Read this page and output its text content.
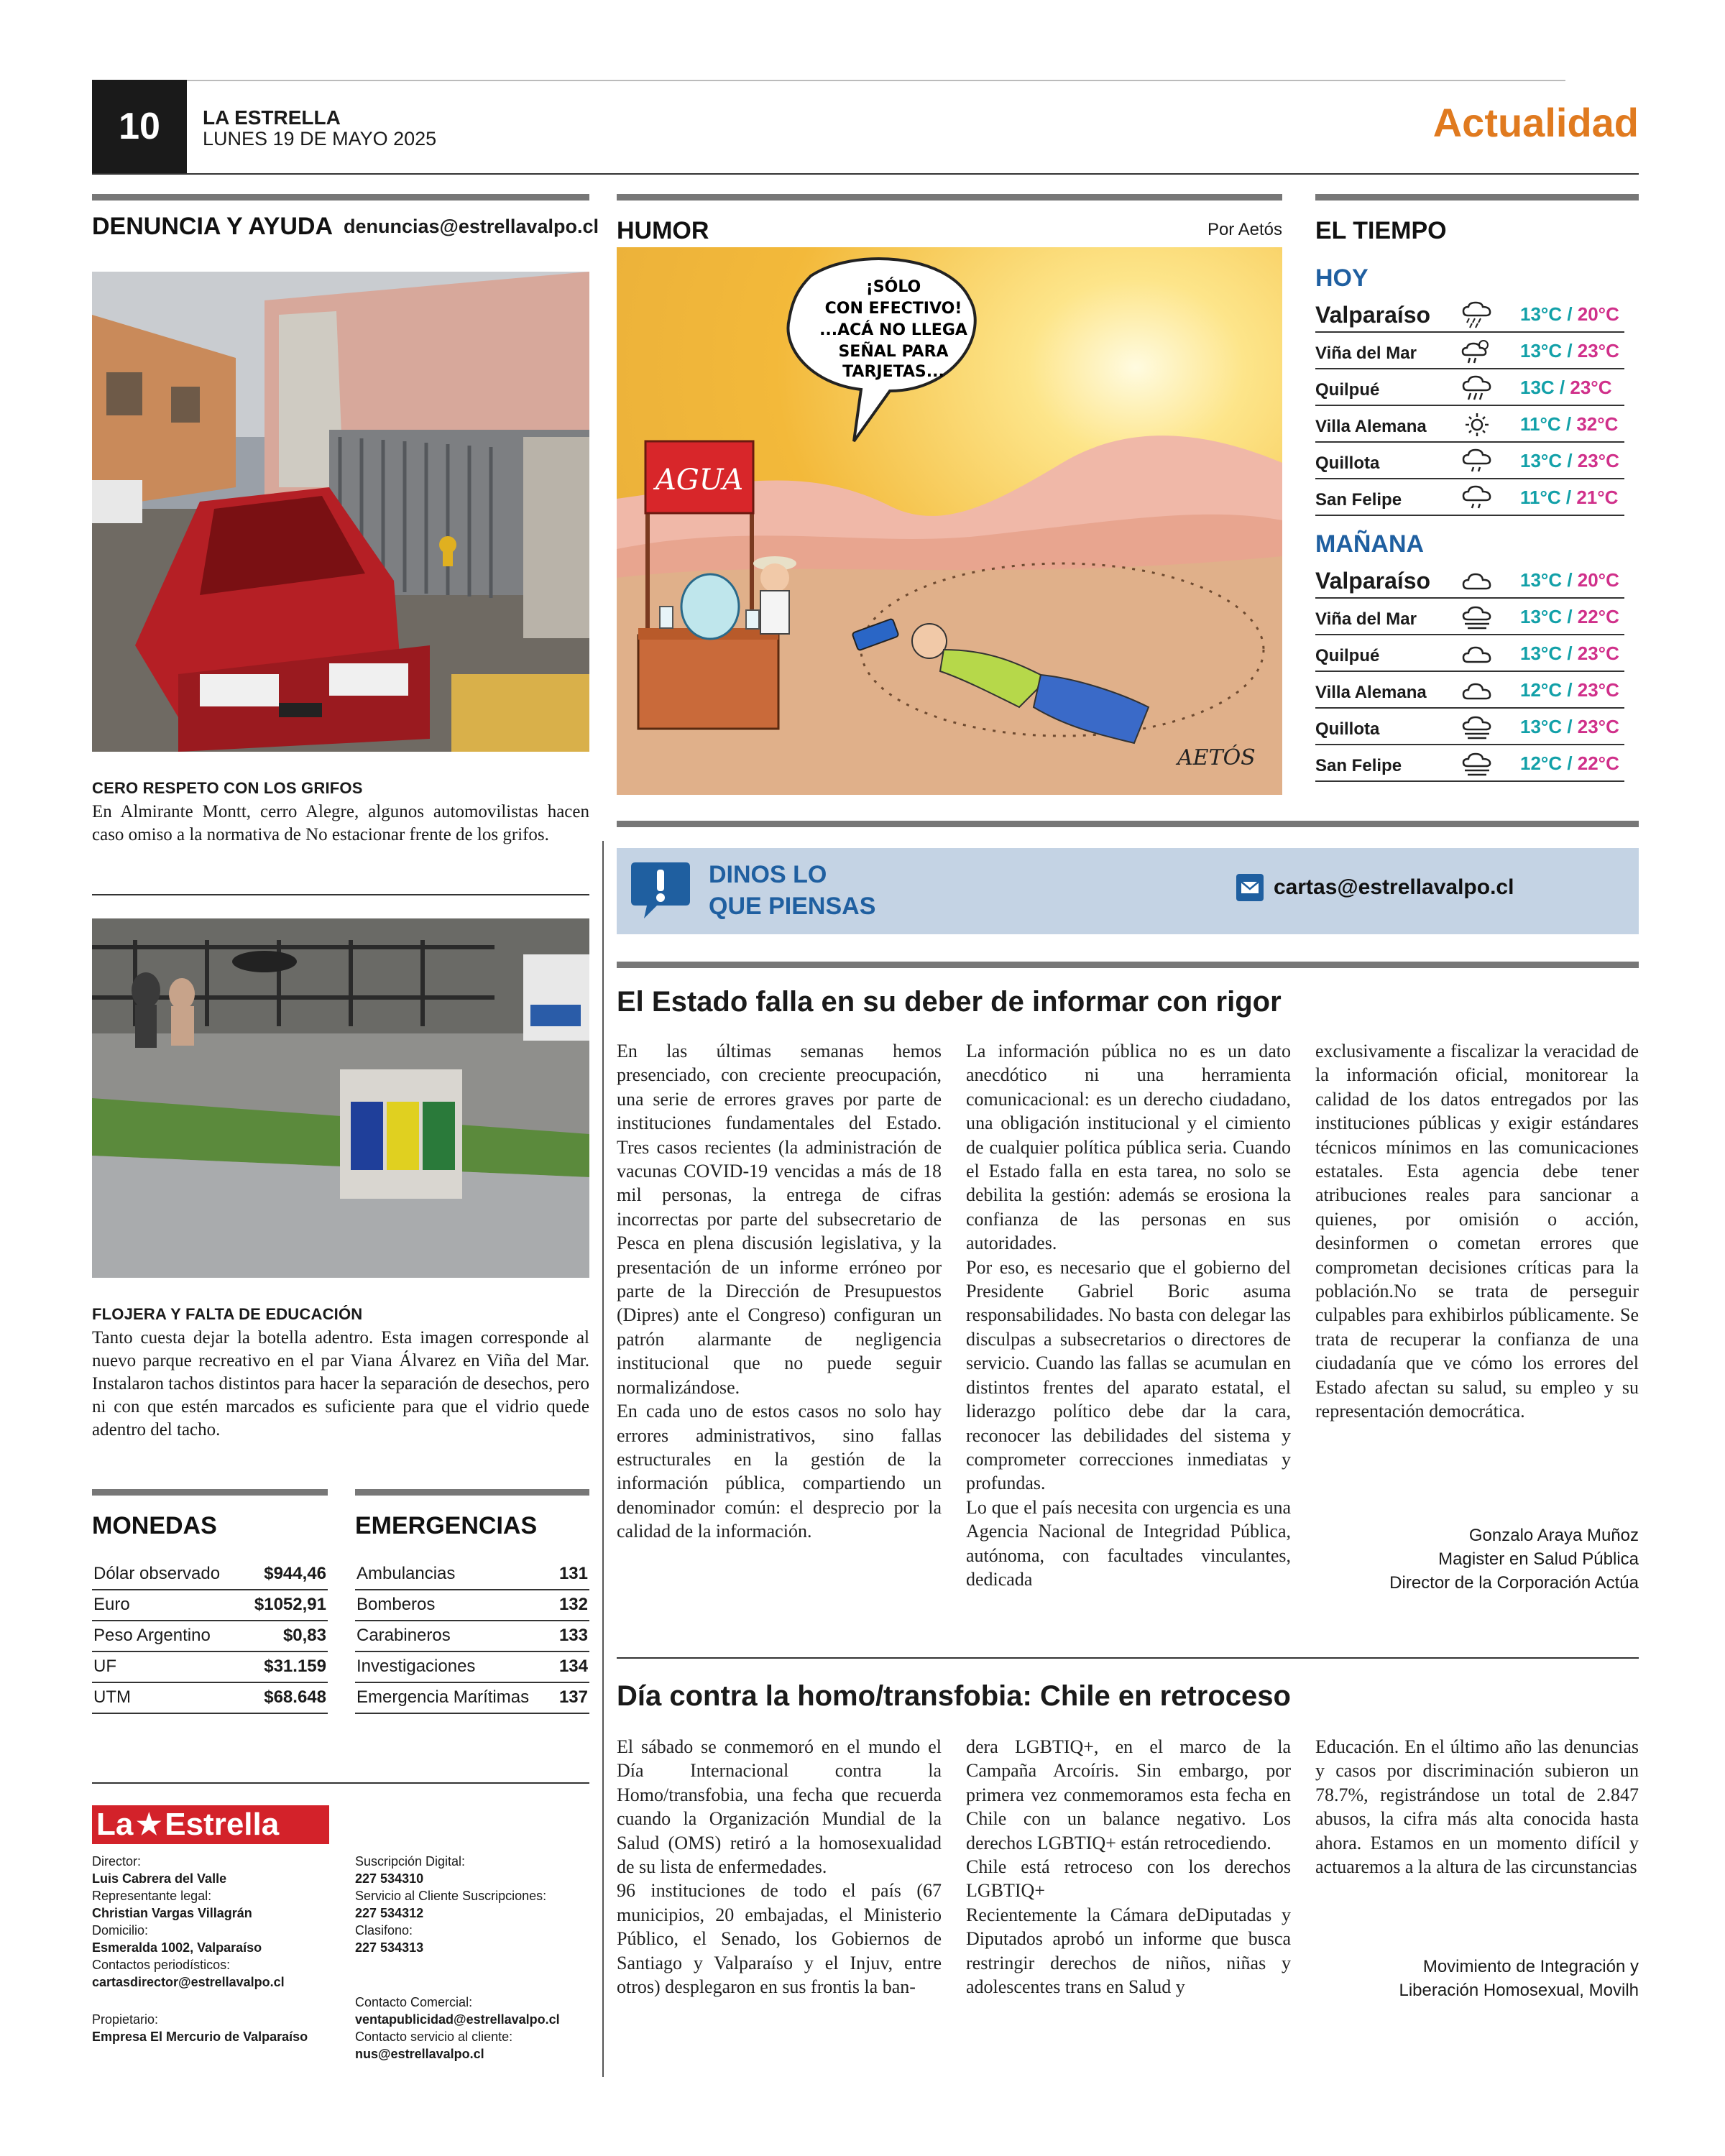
10 LA ESTRELLA
LUNES 19 DE MAYO 2025	Actualidad
DENUNCIA Y AYUDA denuncias@estrellavalpo.cl
CERO RESPETO CON LOS GRIFOS
En Almirante Montt, cerro Alegre, algunos automovilistas hacen caso omiso a la normativa de No estacionar frente de los grifos.
FLOJERA Y FALTA DE EDUCACIÓN
Tanto cuesta dejar la botella adentro. Esta imagen corresponde al nuevo parque recreativo en el par Viana Álvarez en Viña del Mar. Instalaron tachos distintos para hacer la separación de desechos, pero ni con que estén marcados es suficiente para que el vidrio quede adentro del tacho.
MONEDAS
Dólar observado	$944,46
Euro	$1052,91
Peso Argentino	$0,83
UF	$31.159
UTM	$68.648
EMERGENCIAS
Ambulancias	131
Bomberos	132
Carabineros	133
Investigaciones	134
Emergencia Marítimas	137
La ★ Estrella
Director:
Luis Cabrera del Valle
Representante legal:
Christian Vargas Villagrán
Domicilio:
Esmeralda 1002, Valparaíso
Contactos periodísticos:
cartasdirector@estrellavalpo.cl
Propietario:
Empresa El Mercurio de Valparaíso
Suscripción Digital:
227 534310
Servicio al Cliente Suscripciones:
227 534312
Clasifono:
227 534313
Contacto Comercial:
ventapublicidad@estrellavalpo.cl
Contacto servicio al cliente:
nus@estrellavalpo.cl
HUMOR	Por Aetós
¡SÓLO
CON EFECTIVO!
...ACÁ NO LLEGA
SEÑAL PARA
TARJETAS...
AGUA
AETÓS
EL TIEMPO
HOY
Valparaíso	13°C / 20°C
Viña del Mar	13°C / 23°C
Quilpué	13C / 23°C
Villa Alemana	11°C / 32°C
Quillota	13°C / 23°C
San Felipe	11°C / 21°C
MAÑANA
Valparaíso	13°C / 20°C
Viña del Mar	13°C / 22°C
Quilpué	13°C / 23°C
Villa Alemana	12°C / 23°C
Quillota	13°C / 23°C
San Felipe	12°C / 22°C
DINOS LO
QUE PIENSAS
cartas@estrellavalpo.cl
El Estado falla en su deber de informar con rigor

En las últimas semanas hemos presenciado, con creciente preocupación, una serie de errores graves por parte de instituciones fundamentales del Estado. Tres casos recientes (la administración de vacunas COVID-19 vencidas a más de 18 mil personas, la entrega de cifras incorrectas por parte del subsecretario de Pesca en plena discusión legislativa, y la presentación de un informe erróneo por parte de la Dirección de Presupuestos (Dipres) ante el Congreso) configuran un patrón alarmante de negligencia institucional que no puede seguir normalizándose.

En cada uno de estos casos no solo hay errores administrativos, sino fallas estructurales en la gestión de la información pública, compartiendo un denominador común: el desprecio por la calidad de la información.

La información pública no es un dato anecdótico ni una herramienta comunicacional: es un derecho ciudadano, una obligación institucional y el cimiento de cualquier política pública seria. Cuando el Estado falla en esta tarea, no solo se debilita la gestión: además se erosiona la confianza de las personas en sus autoridades.

Por eso, es necesario que el gobierno del Presidente Gabriel Boric asuma responsabilidades. No basta con delegar las disculpas a subsecretarios o directores de servicio. Cuando las fallas se acumulan en distintos frentes del aparato estatal, el liderazgo político debe dar la cara, reconocer las debilidades del sistema y comprometer correcciones inmediatas y profundas.

Lo que el país necesita con urgencia es una Agencia Nacional de Integridad Pública, autónoma, con facultades vinculantes, dedicada

exclusivamente a fiscalizar la veracidad de la información oficial, monitorear la calidad de los datos entregados por las instituciones públicas y exigir estándares técnicos mínimos en las comunicaciones estatales. Esta agencia debe tener atribuciones reales para sancionar a quienes, por omisión o acción, desinformen o cometan errores que comprometan decisiones críticas para la población.No se trata de perseguir culpables para exhibirlos públicamente. Se trata de recuperar la confianza de una ciudadanía que ve cómo los errores del Estado afectan su salud, su empleo y su representación democrática.

Gonzalo Araya Muñoz
Magister en Salud Pública
Director de la Corporación Actúa
Día contra la homo/transfobia: Chile en retroceso

El sábado se conmemoró en el mundo el Día Internacional contra la Homo/transfobia, una fecha que recuerda cuando la Organización Mundial de la Salud (OMS) retiró a la homosexualidad de su lista de enfermedades.

96 instituciones de todo el país (67 municipios, 20 embajadas, el Ministerio Público, el Senado, los Gobiernos de Santiago y Valparaíso y el Injuv, entre otros) desplegaron en sus frontis la ban-

dera LGBTIQ+, en el marco de la Campaña Arcoíris. Sin embargo, por primera vez conmemoramos esta fecha en Chile con un balance negativo. Los derechos LGBTIQ+ están retrocediendo.

Chile está retroceso con los derechos LGBTIQ+

Recientemente la Cámara deDiputadas y Diputados aprobó un informe que busca restringir derechos de niños, niñas y adolescentes trans en Salud y

Educación. En el último año las denuncias y casos por discriminación subieron un 78.7%, registrándose un total de 2.847 abusos, la cifra más alta conocida hasta ahora. Estamos en un momento difícil y actuaremos a la altura de las circunstancias

Movimiento de Integración y
Liberación Homosexual, Movilh
